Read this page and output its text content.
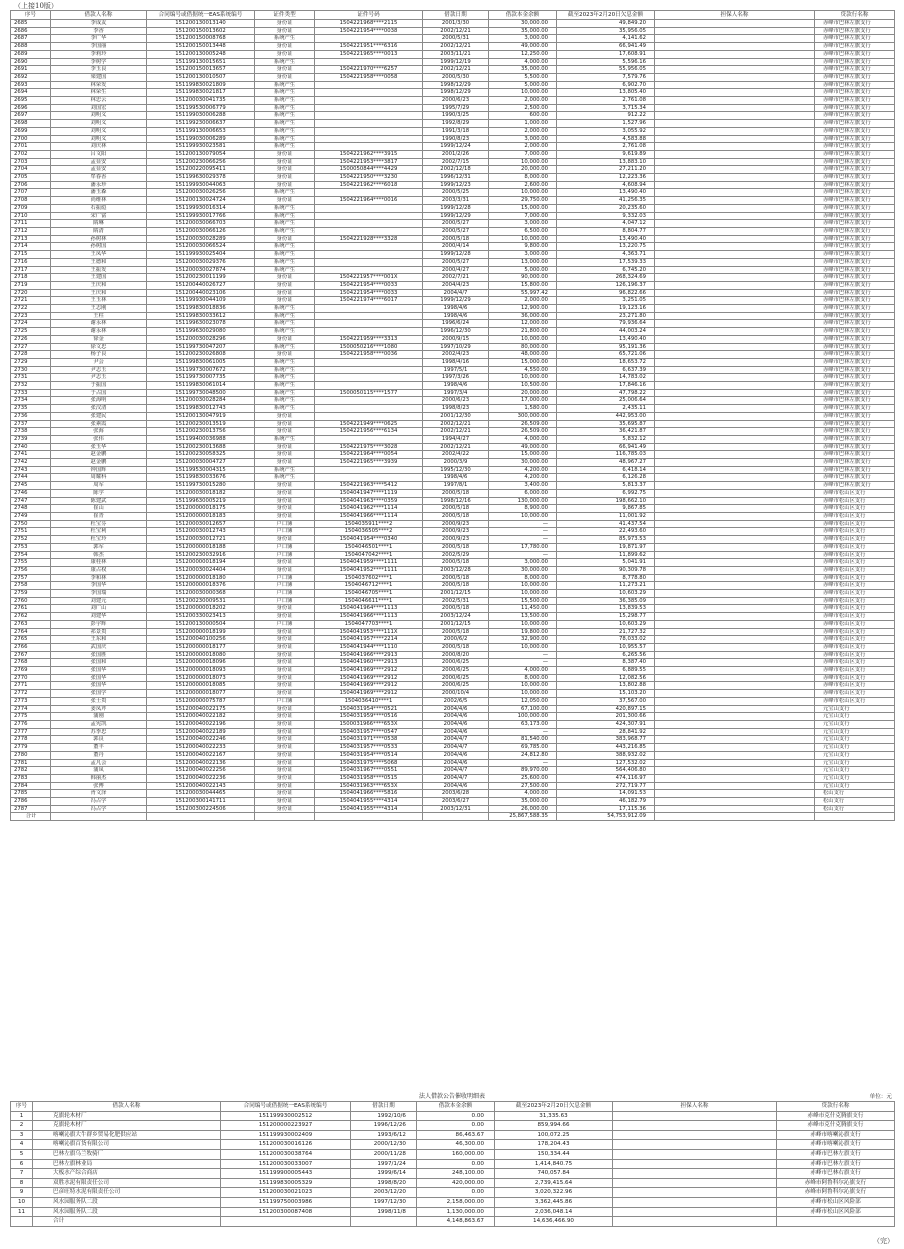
（上接10版）
序号	借款人名称	合同编号或借据统一EAS系统编号	证件类型	证件号码	借款日期	借款本金余额	截至2023年2月20日欠息金额	担保人名称	贷款行名称
2685	李成友	151200130013140	身份证	1504221968****2115	2001/3/30	30,000.00	49,849.20		赤峰市巴林左旗支行
2686	李香	151200150013602	身份证	1504221954****0038	2002/12/21	35,000.00	35,956.05		赤峰市巴林左旗支行
2687	李广华	151200150008768	系统产生		2000/5/31	3,000.00	4,141.62		赤峰市巴林左旗支行
2688	李国丽	151200150013448	身份证	1504221951****6316	2002/12/21	49,000.00	66,941.49		赤峰市巴林左旗支行
2689	李莉玲	151200130005248	身份证	1504221965****0013	2003/11/21	12,250.00	17,608.91		赤峰市巴林左旗支行
2690	李树学	151199130015651	系统产生		1999/12/19	4,000.00	5,596.16		赤峰市巴林左旗支行
2691	李玉良	151200150013657	身份证	1504221970****6257	2002/12/21	35,000.00	55,956.05		赤峰市巴林左旗支行
2692	梁建国	151200130010507	身份证	1504221958****0058	2000/5/30	5,500.00	7,579.76		赤峰市巴林左旗支行
2693	林荣发	151199830021809	系统产生		1998/12/29	5,000.00	6,902.70		赤峰市巴林左旗支行
2694	林荣生	151199830021817	系统产生		1998/12/29	10,000.00	13,805.40		赤峰市巴林左旗支行
2695	林忠云	151200030041735	系统产生		2000/6/23	2,000.00	2,761.08		赤峰市巴林左旗支行
2696	刘国宏	151199530006779	系统产生		1995/7/29	2,500.00	3,715.34		赤峰市巴林左旗支行
2697	刘明义	151199030006288	系统产生		1990/3/25	600.00	912.22		赤峰市巴林左旗支行
2698	刘明义	151199230006637	系统产生		1992/8/29	1,000.00	1,527.96		赤峰市巴林左旗支行
2699	刘明义	151199130006653	系统产生		1991/3/18	2,000.00	3,055.92		赤峰市巴林左旗支行
2700	刘明义	151199030006289	系统产生		1990/8/23	3,000.00	4,583.88		赤峰市巴林左旗支行
2701	刘庆林	151199930023581	系统产生		1999/12/24	2,000.00	2,761.08		赤峰市巴林左旗支行
2702	吕文阳	151200130079054	身份证	1504221962****3915	2001/2/26	7,000.00	9,619.89		赤峰市巴林左旗支行
2703	孟显安	151200230066256	身份证	1504221953****3817	2002/7/15	10,000.00	13,883.10		赤峰市巴林左旗支行
2704	孟显安	151200220095411	身份证	1500050844****4429	2002/12/18	20,000.00	27,211.20		赤峰市巴林左旗支行
2705	牟春香	151199630029378	身份证	1504221950****3230	1996/12/31	8,000.00	12,223.36		赤峰市巴林左旗支行
2706	潘永珍	151199930044063	身份证	1504221962****6018	1999/12/23	2,600.00	4,608.94		赤峰市巴林左旗支行
2707	潘玉森	151200030026256	系统产生		2000/5/25	10,000.00	13,490.40		赤峰市巴林左旗支行
2708	尚维林	151200130024724	身份证	1504221964****0016	2003/3/31	29,750.00	41,256.35		赤峰市巴林左旗支行
2709	石振彪	151199930016314	系统产生		1999/12/28	15,000.00	20,235.60		赤峰市巴林左旗支行
2710	宋广富	151199930017766	系统产生		1999/12/29	7,000.00	9,332.03		赤峰市巴林左旗支行
2711	隋琳	151200030066703	系统产生		2000/5/27	3,000.00	4,047.12		赤峰市巴林左旗支行
2712	隋清	151200030066126	系统产生		2000/5/27	6,500.00	8,804.77		赤峰市巴林左旗支行
2713	孙树林	151200030028289	身份证	1504221928****3328	2000/5/18	10,000.00	13,490.40		赤峰市巴林左旗支行
2714	孙树国	151200030066524	系统产生		2000/4/14	9,800.00	13,220.75		赤峰市巴林左旗支行
2715	王凤华	151199930025404	系统产生		1999/12/28	3,000.00	4,363.71		赤峰市巴林左旗支行
2716	王德和	151200030029376	系统产生		2000/5/27	13,000.00	17,539.33		赤峰市巴林左旗支行
2717	王振发	151200030027874	系统产生		2000/4/27	5,000.00	6,745.20		赤峰市巴林左旗支行
2718	王建国	151200230011199	身份证	1504221957****001X	2002/7/21	90,000.00	268,324.69		赤峰市巴林左旗支行
2719	王庆和	151200440026727	身份证	1504221954****0033	2004/4/23	15,800.00	126,196.37		赤峰市巴林左旗支行
2720	王庆和	151200440023106	身份证	1504221954****0033	2004/4/7	55,997.42	96,822.66		赤峰市巴林左旗支行
2721	王玉林	151199930044109	身份证	1504221974****6017	1999/12/29	2,000.00	3,251.05		赤峰市巴林左旗支行
2722	王志刚	151199830018836	系统产生		1998/4/6	12,900.00	19,123.16		赤峰市巴林左旗支行
2723	王柱	151199830033612	系统产生		1998/4/6	36,000.00	23,271.80		赤峰市巴林左旗支行
2724	谢永林	151199630023078	系统产生		1996/6/24	12,000.00	79,936.64		赤峰市巴林左旗支行
2725	谢永林	151199630029080	系统产生		1996/12/30	21,800.00	44,003.24		赤峰市巴林左旗支行
2726	徐金	151200030028296	身份证	1504221959****3313	2000/9/15	10,000.00	13,490.40		赤峰市巴林左旗支行
2727	徐文忠	151199730047207	系统产生	1500050216****1080	1997/10/29	80,000.00	95,191.36		赤峰市巴林左旗支行
2728	杨子良	151200230026808	身份证	1504221958****0036	2002/4/23	48,000.00	65,721.06		赤峰市巴林左旗支行
2729	尹会	151199830061005	系统产生		1998/4/16	15,000.00	18,653.72		赤峰市巴林左旗支行
2730	尹志玉	151199730007672	系统产生		1997/5/1	4,550.00	6,637.39		赤峰市巴林左旗支行
2731	尹志玉	151199730007735	系统产生		1997/3/26	10,000.00	14,783.02		赤峰市巴林左旗支行
2732	于振国	151199830061014	系统产生		1998/4/6	10,500.00	17,846.16		赤峰市巴林左旗支行
2733	于占国	151199730048500	系统产生	1500050115****1577	1997/3/4	20,000.00	47,798.22		赤峰市巴林左旗支行
2734	张海明	151200030028284	系统产生		2000/6/23	17,000.00	25,006.64		赤峰市巴林左旗支行
2735	张汉清	151199830012743	系统产生		1998/8/23	1,580.00	2,435.11		赤峰市巴林左旗支行
2736	张建民	151200130047919	身份证		2001/12/30	300,000.00	442,953.00		赤峰市巴林左旗支行
2737	张素霞	151200230013519	身份证	1504221949****0625	2002/12/21	26,509.00	35,695.87		赤峰市巴林左旗支行
2738	张海	151200230013756	身份证	1504221956****6134	2002/12/21	26,509.00	36,421.87		赤峰市巴林左旗支行
2739	张伟	151199400036988	系统产生		1994/4/27	4,000.00	5,832.12		赤峰市巴林左旗支行
2740	张玉华	151200230013688	身份证	1504221975****3028	2002/12/21	49,000.00	66,941.49		赤峰市巴林左旗支行
2741	赵金鹏	151200230058325	身份证	1504221964****0054	2002/4/22	15,000.00	116,785.03		赤峰市巴林左旗支行
2742	赵金鹏	151200030004727	身份证	1504221965****3939	2000/3/9	30,000.00	48,967.27		赤峰市巴林左旗支行
2743	钟国辉	151199530004315	系统产生		1995/12/30	4,200.00	6,418.14		赤峰市巴林左旗支行
2744	周耀科	151199830033676	系统产生		1998/4/6	4,200.00	6,126.28		赤峰市巴林左旗支行
2745	周军	151199730015280	身份证	1504221963****5412	1997/8/1	3,400.00	5,813.37		赤峰市巴林左旗支行
2746	陈学	151200030018182	身份证	1504041947****1119	2000/5/18	6,000.00	6,992.75		赤峰市松山区支行
2747	陈建武	151199630005219	身份证	1504041963****0359	1998/12/16	130,000.00	198,662.10		赤峰市松山区支行
2748	崔山	151200000018175	身份证	1504041962****1114	2000/5/18	8,900.00	9,867.85		赤峰市松山区支行
2749	崔青	151200000018183	身份证	1504041966****1114	2000/5/18	10,000.00	11,001.92		赤峰市松山区支行
2750	杜宝芬	151200030012657	户口簿	1504035911****2	2000/9/23	—	41,437.54		赤峰市松山区支行
2751	杜宝利	151200030012743	户口簿	1504036505****2	2000/9/23	—	22,493.60		赤峰市松山区支行
2752	杜宝玲	151200030012721	身份证	1504041954****0340	2000/9/23	—	85,973.53		赤峰市松山区支行
2753	郭军	151200000018188	户口簿	1504046501****1	2000/5/18	17,780.00	19,871.97		赤峰市松山区支行
2754	韩杰	151200230032916	户口簿	1504047042****1	2002/5/29	—	11,899.62		赤峰市松山区支行
2755	康桂林	151200000018194	身份证	1504041959****1111	2000/5/18	3,000.00	5,041.91		赤峰市松山区支行
2756	康占权	151200030024404	身份证	1504041952****1111	2003/12/28	30,000.00	90,309.78		赤峰市松山区支行
2757	李和林	151200000018180	户口簿	1504037602****1	2000/5/18	8,000.00	8,778.80		赤峰市松山区支行
2758	李国华	151200000018376	户口簿	1504046712****1	2000/5/18	10,000.00	11,273.21		赤峰市松山区支行
2759	李国瑞	151200030000368	户口簿	1504046705****1	2001/12/15	10,000.00	10,603.29		赤峰市松山区支行
2760	刘建元	151200230009531	户口簿	1504046611****1	2002/5/31	15,500.00	36,385.09		赤峰市松山区支行
2761	刘广山	151200000018202	身份证	1504041964****1113	2000/5/18	11,450.00	13,839.53		赤峰市松山区支行
2762	刘建华	151200330023413	身份证	1504041966****1113	2003/12/24	13,500.00	15,298.77		赤峰市松山区支行
2763	彭宇辉	151200130000504	户口簿	1504047703****1	2001/12/15	10,000.00	10,603.29		赤峰市松山区支行
2764	祁景贵	151200000018199	身份证	1504041953****111X	2000/5/18	19,800.00	21,727.32		赤峰市松山区支行
2765	王东和	151200040100256	身份证	1504041957****2214	2000/6/2	32,900.00	78,033.02		赤峰市松山区支行
2766	武国庆	151200000018177	身份证	1504041944****1110	2000/5/18	10,000.00	10,955.57		赤峰市松山区支行
2767	张国胜	151200000018080	身份证	1504041966****2913	2000/8/20	—	6,265.56		赤峰市松山区支行
2768	张国和	151200000018096	身份证	1504041960****2913	2000/6/25	—	8,387.40		赤峰市松山区支行
2769	张国华	151200000018093	身份证	1504041969****2912	2000/6/25	4,000.00	6,889.55		赤峰市松山区支行
2770	张国华	151200000018073	身份证	1504041969****2912	2000/6/25	8,000.00	12,082.56		赤峰市松山区支行
2771	张国华	151200000018085	身份证	1504041969****2912	2000/6/25	10,000.00	13,802.88		赤峰市松山区支行
2772	张国学	151200000018077	身份证	1504041969****2912	2000/10/4	10,000.00	15,103.20		赤峰市松山区支行
2773	张士贵	151200000075787	户口簿	1504036410****1	2002/6/5	12,050.00	37,567.00		赤峰市松山区支行
2774	姜凤芹	151200040022175	身份证	1504031954****0521	2004/4/6	67,100.00	420,897.15		元宝山支行
2775	蒲刚	151200040022182	身份证	1504031959****0516	2004/4/6	100,000.00	201,300.66		元宝山支行
2776	孟宪凯	151200040022196	身份证	1500031966****653X	2004/4/6	63,173.00	424,307.91		元宝山支行
2777	苏季忠	151200040022189	身份证	1504031957****0547	2004/4/6	—	28,841.92		元宝山支行
2778	郭良	151200040022246	身份证	1504031971****0538	2004/4/7	81,540.00	383,968.77		元宝山支行
2779	董丰	151200040022233	身份证	1504031957****0533	2004/4/7	69,785.00	443,216.85		元宝山支行
2780	董丹	151200040022167	身份证	1504031954****0514	2004/4/6	24,812.80	388,932.02		元宝山支行
2781	孟凡会	151200040022136	身份证	1504031975****5068	2004/4/6	—	127,532.02		元宝山支行
2782	蒲凤	151200040022256	身份证	1504031967****0551	2004/4/7	89,970.00	564,406.80		元宝山支行
2783	韩丽杰	151200040022236	身份证	1504031958****0515	2004/4/7	25,600.00	474,116.97		元宝山支行
2784	张博	151200040022143	身份证	1504031963****653X	2004/4/6	27,500.00	272,719.77		元宝山支行
2785	胥文泽	151200030044465	身份证	1504041966****5816	2003/6/28	4,000.00	14,091.53		松山支行
2786	冯占学	151200300141711	身份证	1504041955****4314	2003/6/27	35,000.00	46,182.79		松山支行
2787	冯占学	151200300224506	身份证	1504041955****4314	2003/12/31	26,000.00	17,115.36		松山支行
合计						25,867,588.35	54,753,912.09		
法人借款公告催收明细表	单位：元
序号	借款人名称	合同编号或借据统一EAS系统编号	借款日期	借款本金余额	截至2023年2月20日欠息金额	担保人名称	贷款行名称
1	克旗轮木材厂	151199930002512	1992/10/6	0.00	31,335.63		赤峰市克什克腾旗支行
2	克旗轮木材厂	151200000223927	1996/12/26	0.00	859,994.66		赤峰市克什克腾旗支行
3	喀喇沁旗大牛群乡贸易化肥供应站	151199930002409	1993/6/12	86,463.67	100,072.25		赤峰市喀喇沁旗支行
4	喀喇沁旗百货有限公司	151200030016126	2000/12/30	46,300.00	178,204.43		赤峰市喀喇沁旗支行
5	巴林左旗乌兰牧骑厂	151200030038764	2000/11/28	160,000.00	150,334.44		赤峰市巴林左旗支行
6	巴林左旗林业局	151200030033007	1997/1/24	0.00	1,414,840.75		赤峰市巴林左旗支行
7	大板水产综合商店	151199900005443	1999/6/14	248,100.00	740,057.84		赤峰市巴林右旗支行
8	双胜水泥有限责任公司	151199830005329	1998/8/20	420,000.00	2,739,415.64		赤峰市阿鲁科尔沁旗支行
9	巴彦旺特水泥有限责任公司	151200030021023	2003/12/20	0.00	3,020,322.96		赤峰市阿鲁科尔沁旗支行
10	风水园服务队二段	151199750003986	1997/12/30	2,158,000.00	3,362,445.86		赤峰市松山区风险部
11	风水园服务队二段	151200300087408	1998/11/8	1,130,000.00	2,036,048.14		赤峰市松山区风险部
	合计			4,148,863.67	14,636,466.90		
（完）
